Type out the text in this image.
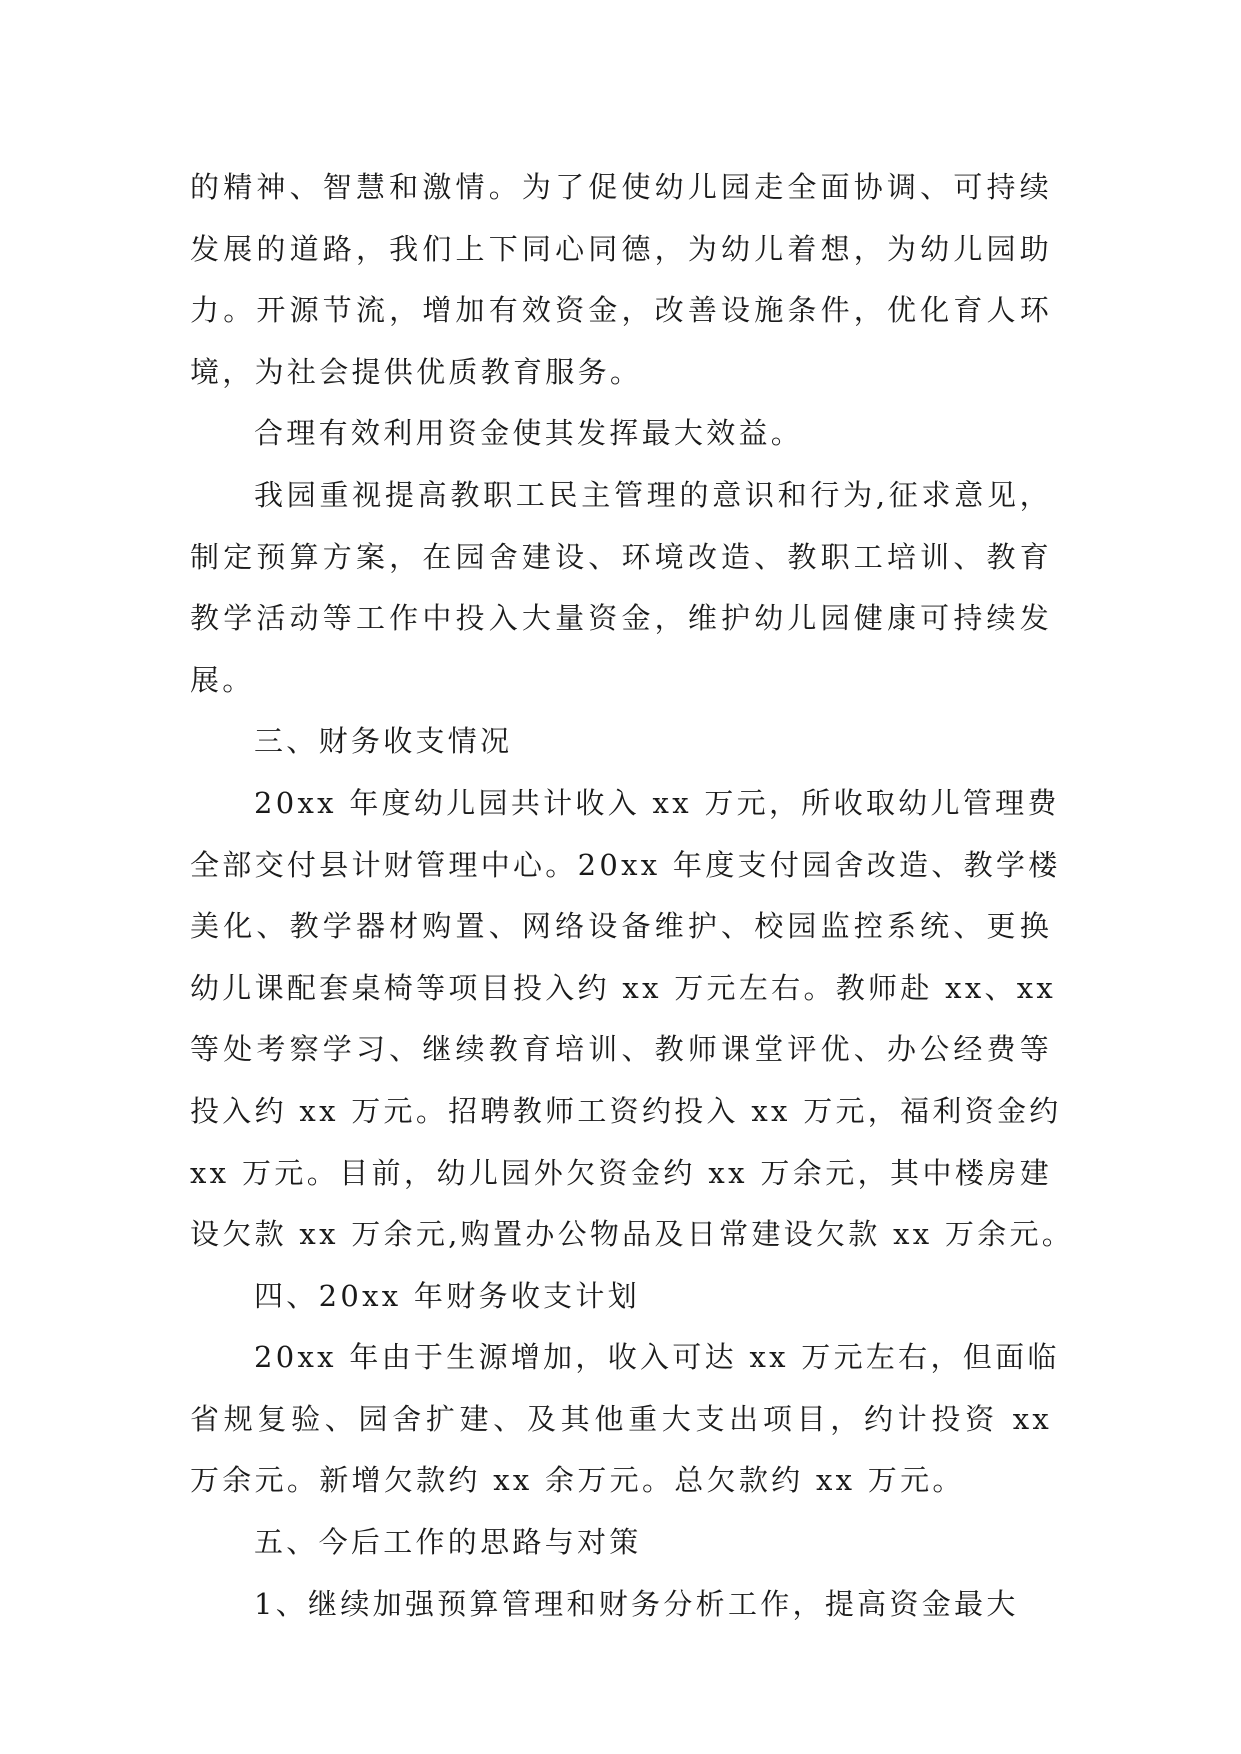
的精神、智慧和激情。为了促使幼儿园走全面协调、可持续
发展的道路，我们上下同心同德，为幼儿着想，为幼儿园助
力。开源节流，增加有效资金，改善设施条件，优化育人环
境，为社会提供优质教育服务。

合理有效利用资金使其发挥最大效益。

我园重视提高教职工民主管理的意识和行为,征求意见，
制定预算方案，在园舍建设、环境改造、教职工培训、教育
教学活动等工作中投入大量资金，维护幼儿园健康可持续发
展。

三、财务收支情况

20xx 年度幼儿园共计收入 xx 万元，所收取幼儿管理费
全部交付县计财管理中心。20xx 年度支付园舍改造、教学楼
美化、教学器材购置、网络设备维护、校园监控系统、更换
幼儿课配套桌椅等项目投入约 xx 万元左右。教师赴 xx、xx
等处考察学习、继续教育培训、教师课堂评优、办公经费等
投入约 xx 万元。招聘教师工资约投入 xx 万元，福利资金约
xx 万元。目前，幼儿园外欠资金约 xx 万余元，其中楼房建
设欠款 xx 万余元,购置办公物品及日常建设欠款 xx 万余元。

四、20xx 年财务收支计划

20xx 年由于生源增加，收入可达 xx 万元左右，但面临
省规复验、园舍扩建、及其他重大支出项目，约计投资 xx
万余元。新增欠款约 xx 余万元。总欠款约 xx 万元。

五、今后工作的思路与对策

1、继续加强预算管理和财务分析工作，提高资金最大
